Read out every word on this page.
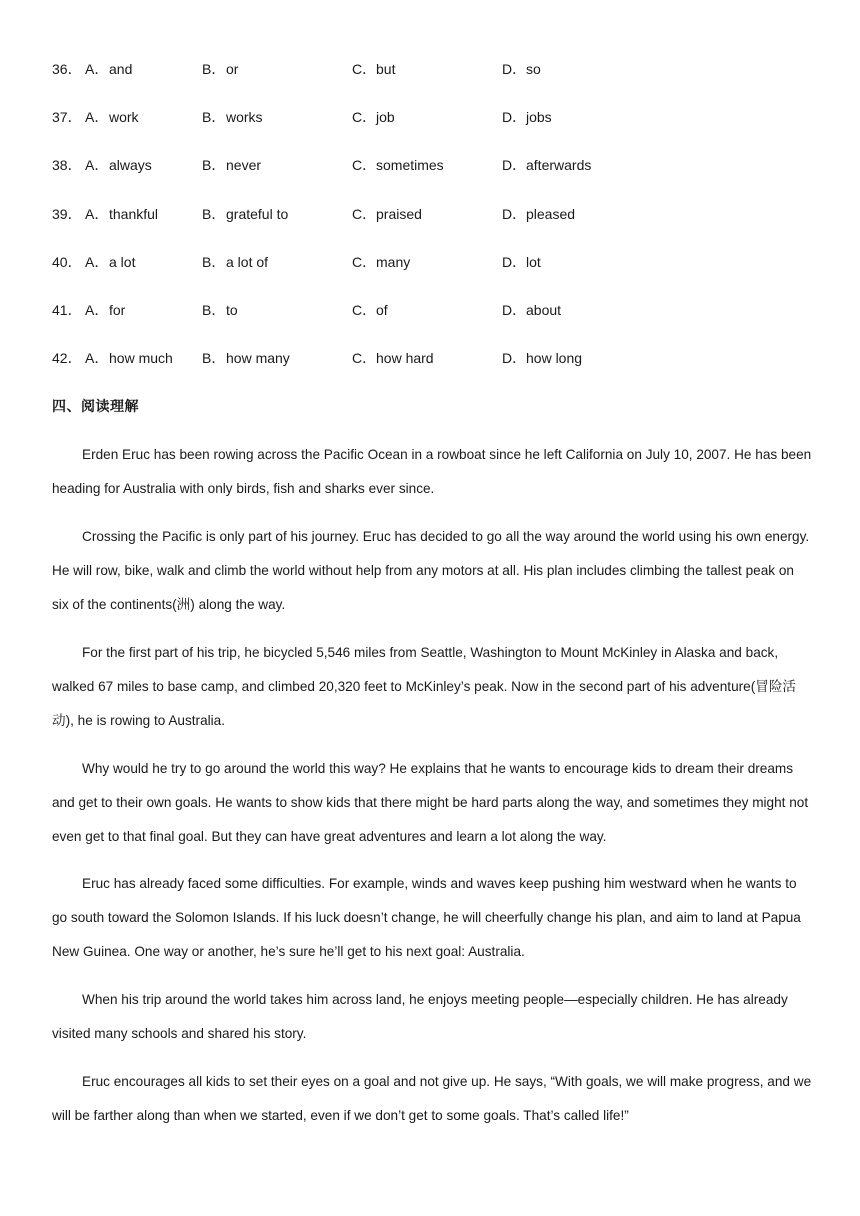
36． A．and	B．or	C．but	D．so
37． A．work	B．works	C．job	D．jobs
38． A．always	B．never	C．sometimes	D．afterwards
39． A．thankful	B．grateful to	C．praised	D．pleased
40． A．a lot	B．a lot of	C．many	D．lot
41． A．for	B．to	C．of	D．about
42． A．how much B．how many	C．how hard	D．how long
四、阅读理解

Erden Eruc has been rowing across the Pacific Ocean in a rowboat since he left California on July 10, 2007. He has been heading for Australia with only birds, fish and sharks ever since.

Crossing the Pacific is only part of his journey. Eruc has decided to go all the way around the world using his own energy. He will row, bike, walk and climb the world without help from any motors at all. His plan includes climbing the tallest peak on six of the continents(洲) along the way.

For the first part of his trip, he bicycled 5,546 miles from Seattle, Washington to Mount McKinley in Alaska and back, walked 67 miles to base camp, and climbed 20,320 feet to McKinley’s peak. Now in the second part of his adventure(冒险活动), he is rowing to Australia.

Why would he try to go around the world this way? He explains that he wants to encourage kids to dream their dreams and get to their own goals. He wants to show kids that there might be hard parts along the way, and sometimes they might not even get to that final goal. But they can have great adventures and learn a lot along the way.

Eruc has already faced some difficulties. For example, winds and waves keep pushing him westward when he wants to go south toward the Solomon Islands. If his luck doesn’t change, he will cheerfully change his plan, and aim to land at Papua New Guinea. One way or another, he’s sure he’ll get to his next goal: Australia.

When his trip around the world takes him across land, he enjoys meeting people—especially children. He has already visited many schools and shared his story.

Eruc encourages all kids to set their eyes on a goal and not give up. He says, “With goals, we will make progress, and we will be farther along than when we started, even if we don’t get to some goals. That’s called life!”
